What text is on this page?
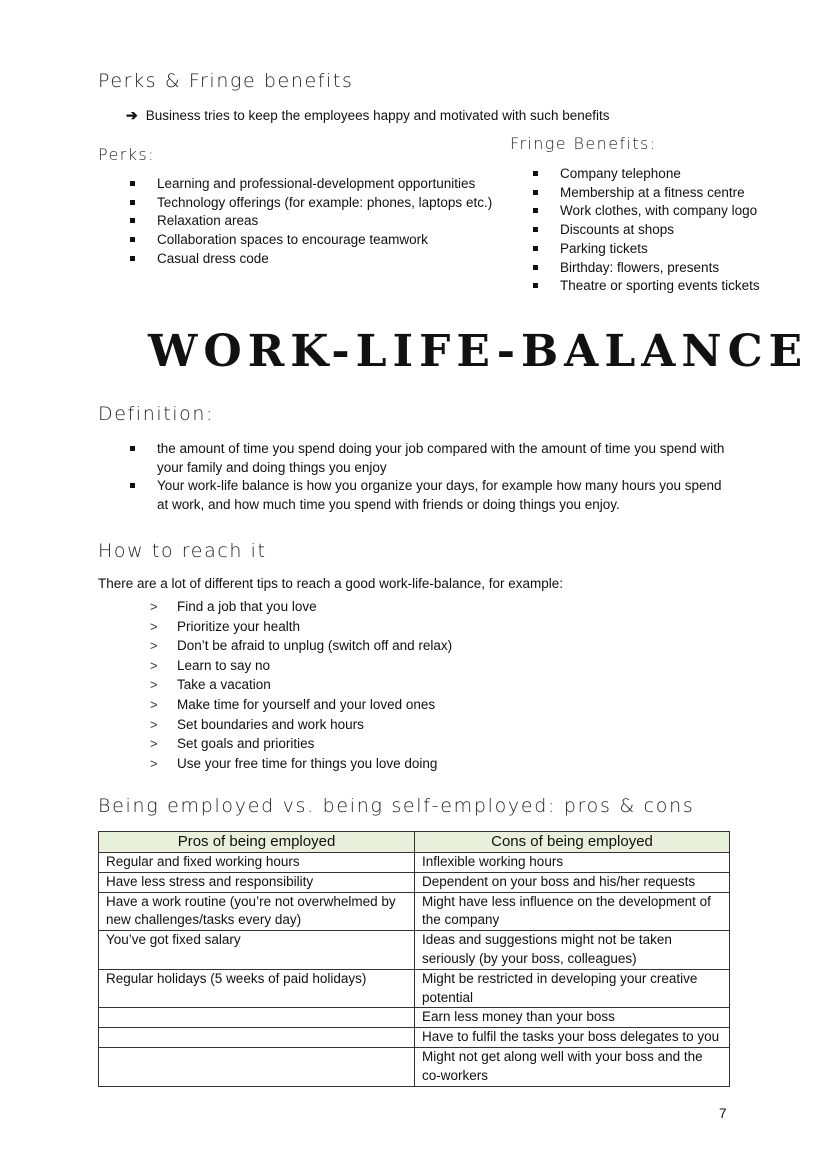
Perks & Fringe benefits
➔ Business tries to keep the employees happy and motivated with such benefits
Perks:
Learning and professional-development opportunities
Technology offerings (for example: phones, laptops etc.)
Relaxation areas
Collaboration spaces to encourage teamwork
Casual dress code
Fringe Benefits:
Company telephone
Membership at a fitness centre
Work clothes, with company logo
Discounts at shops
Parking tickets
Birthday: flowers, presents
Theatre or sporting events tickets
WORK-LIFE-BALANCE
Definition:
the amount of time you spend doing your job compared with the amount of time you spend with your family and doing things you enjoy
Your work-life balance is how you organize your days, for example how many hours you spend at work, and how much time you spend with friends or doing things you enjoy.
How to reach it
There are a lot of different tips to reach a good work-life-balance, for example:
> Find a job that you love
> Prioritize your health
> Don’t be afraid to unplug (switch off and relax)
> Learn to say no
> Take a vacation
> Make time for yourself and your loved ones
> Set boundaries and work hours
> Set goals and priorities
> Use your free time for things you love doing
Being employed vs. being self-employed: pros & cons
Pros of being employed	Cons of being employed
Regular and fixed working hours	Inflexible working hours
Have less stress and responsibility	Dependent on your boss and his/her requests
Have a work routine (you’re not overwhelmed by new challenges/tasks every day)	Might have less influence on the development of the company
You’ve got fixed salary	Ideas and suggestions might not be taken seriously (by your boss, colleagues)
Regular holidays (5 weeks of paid holidays)	Might be restricted in developing your creative potential
	Earn less money than your boss
	Have to fulfil the tasks your boss delegates to you
	Might not get along well with your boss and the co-workers
7
